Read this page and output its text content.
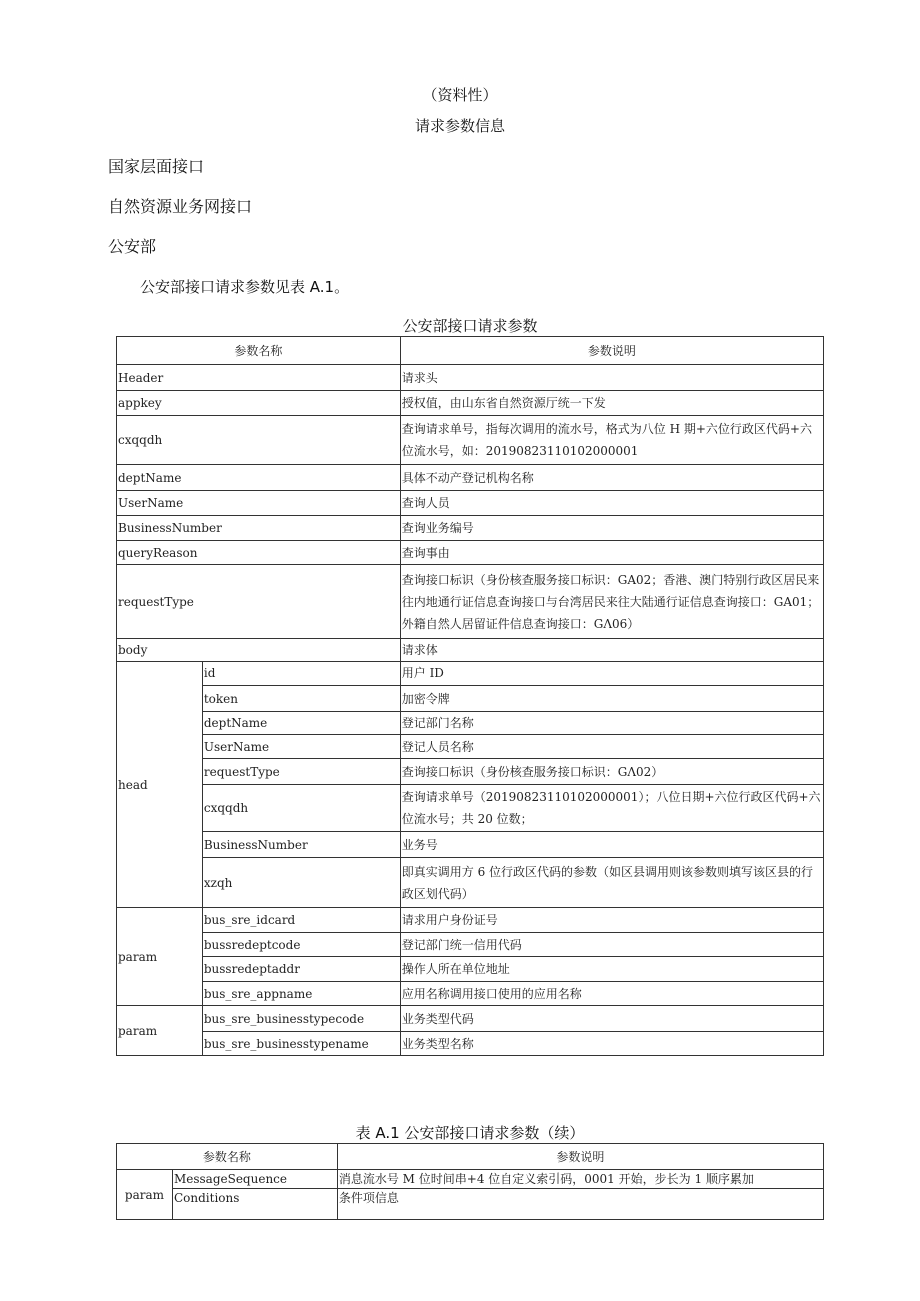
（资料性）
请求参数信息
国家层面接口
自然资源业务网接口
公安部
公安部接口请求参数见表 A.1。
公安部接口请求参数
参数名称		参数说明
Header		请求头
appkey		授权值，由山东省自然资源厅统一下发
cxqqdh		查询请求单号，指每次调用的流水号，格式为八位 H 期+六位行政区代码+六位流水号，如：20190823110102000001
deptName		具体不动产登记机构名称
UserName		查询人员
BusinessNumber		查询业务编号
queryReason		查询事由
requestType		查询接口标识（身份核查服务接口标识：GA02；香港、澳门特别行政区居民来往内地通行证信息查询接口与台湾居民来往大陆通行证信息查询接口：GA01；外籍自然人居留证件信息查询接口：GΛ06）
body		请求体
head	id	用户 ID
	token	加密令牌
	deptName	登记部门名称
	UserName	登记人员名称
	requestType	查询接口标识（身份核查服务接口标识：GΛ02）
	cxqqdh	查询请求单号（20190823110102000001）；八位日期+六位行政区代码+六位流水号；共 20 位数；
	BusinessNumber	业务号
	xzqh	即真实调用方 6 位行政区代码的参数（如区县调用则该参数则填写该区县的行政区划代码）
param	bus_sre_idcard	请求用户身份证号
	bussredeptcode	登记部门统一信用代码
	bussredeptaddr	操作人所在单位地址
	bus_sre_appname	应用名称调用接口使用的应用名称
param	bus_sre_businesstypecode	业务类型代码
	bus_sre_businesstypename	业务类型名称
表 A.1 公安部接口请求参数（续）
参数名称		参数说明
param	MessageSequence	消息流水号 M 位时间串+4 位自定义索引码，0001 开始，步长为 1 顺序累加
	Conditions	条件项信息
